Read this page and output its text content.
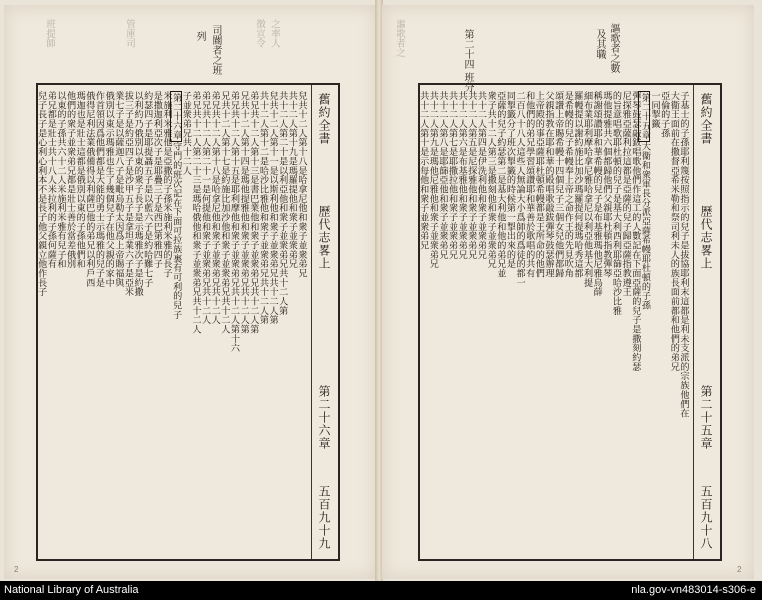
之率人
徴宣令
班提師	管庫司	司閽者之班
列
舊約全書
歷代志畧上
第二十六章
五百九十九
兒共十二人第十八是哈拿尼他和衆子並衆弟兄
共十二人第十九是瑪羅提他和衆子並衆弟兄
共十二人第二十是以利亞他和衆子並衆弟兄共十二人第
兒共十二人第十一是以斯利他和衆子並衆弟兄共十二人第
共十二人第十二是哈沙比雅他和衆子並衆弟兄共十二人第
弟兄共十二人第十三是書巴業他和衆子並衆弟兄共十二人第
兄共十二人第十四是瑪他提雅他和衆子並衆弟兄共十二人第
弟兄共十二人第十五是耶利摩他和衆子並衆弟兄共十二人第十六
兄共十二人第十七是約施比加沙他和衆子並衆弟兄共十二人
弟兄共十二人第十八是哈拿尼他和衆子並衆弟兄共十二人
弟兄共十二人第二十一是何提他和衆子並衆弟兄共十二人
弟兄共十二人第二十三是瑪哈俄他和衆子並衆弟兄共十二人
子並衆弟兄共十二人
第二十六章守門的班次記在下面可拉族裏有可利的兒子
米施利米雅他是亞撒的子孫米施利米雅的長子
是撒迦利亞次子是耶疊三子是西巴第雅四子
約瑟四子是耶提聶五子是以藍六子是約哈難七子
以利約乃俄別以東的衆子長子是示瑪雅次子是約撒
拔三子是約亞四子是沙甲五子是拿坦業六子是亞米
業七子是以薩迦八子是毗烏勒太因爲上帝賜福與
俄別以東示瑪雅也生了幾個兒子在他父親的家中
作首領因爲他們都是大能的勇士示瑪雅的兒子是
俄得尼利法業俄備得以利薩巴他的弟兄以利戶西
瑪迦也是壯士這都是俄別以東的子孫他們和
他們的衆子並衆弟兄都是壯士善於當差俄別
以東的子孫共六十二人米施利米雅有兒子和
弟兄都是壯士共十八人米拉利的子孫何薩有
兒子長子是心利心利本不是長子他父親立他作長子
2
謳歌者之	謳歌者之數
及其職
第二十四 班分
舊約全書
歷代志畧上
第二十五章
五百九十八
子基士的子孫耶利篾按照指示的兒子是拔協耶利末這都是利未支派的宗族他們在
大衞王面前在撒督亞希米勒和祭司利未人的族長面前都和他們的弟兄
亞倫的子孫
一同掣籤
第二十五章大衞和衆軍長分派亞薩希幔耶杜頓的子孫
彈琴鼓瑟敲鈸唱歌他們作這工的人數記在下面亞薩的兒子是撒刻約瑟
尼探雅亞薩利拉這都是亞薩的兒子歸亞薩指教遵王
的旨意唱歌耶杜頓的兒子是基大利西利耶篩亞哈沙比雅
瑪他提雅共六個都歸他們父親耶杜頓指教彈琴
稱謝頌讚耶和華希幔的兒子是布基雅瑪他尼雅烏薛
細布業耶利摩哈拿尼雅哈拿尼以利亞他基大利提
羅幔提以謝約施比加沙瑪羅提何提瑪哈秀這都
是希幔的兒子希幔奉上帝之命作王的先見吹角
頌讚上帝賜希幔十四個兒子三個女兒他們都歸
父親指教在耶和華的殿唱歌敲鈸彈琴鼓瑟辦理
上帝殿的事亞薩耶杜頓希幔都是王所命的他們
和他們的弟兄學習頌讚耶和華善於歌唱的共有
二百八十八人這些人無論大小爲師的爲徒的都一
同掣籤分了班次掣籤的時候第一掣出來的是
亞薩的兒子約瑟第二是基大利他和他的弟兄並
衆子共十二人第三是撒刻他和衆子並衆弟兄
共十二人第四是伊洗利他和衆子並衆弟兄
共十二人第五是尼探雅他和衆子並衆弟兄
共十二人第六是布基雅他和衆子並衆弟兄
共十二人第七是耶撒拉他和衆子並衆弟兄
共十二人第八是耶篩亞他和衆子並衆弟兄
共十二人第九是瑪他尼雅他和衆子並衆弟兄
共十二人第十是示每他和衆子並衆弟兄
2
National Library of Australia	nla.gov-vn483014-s306-e
